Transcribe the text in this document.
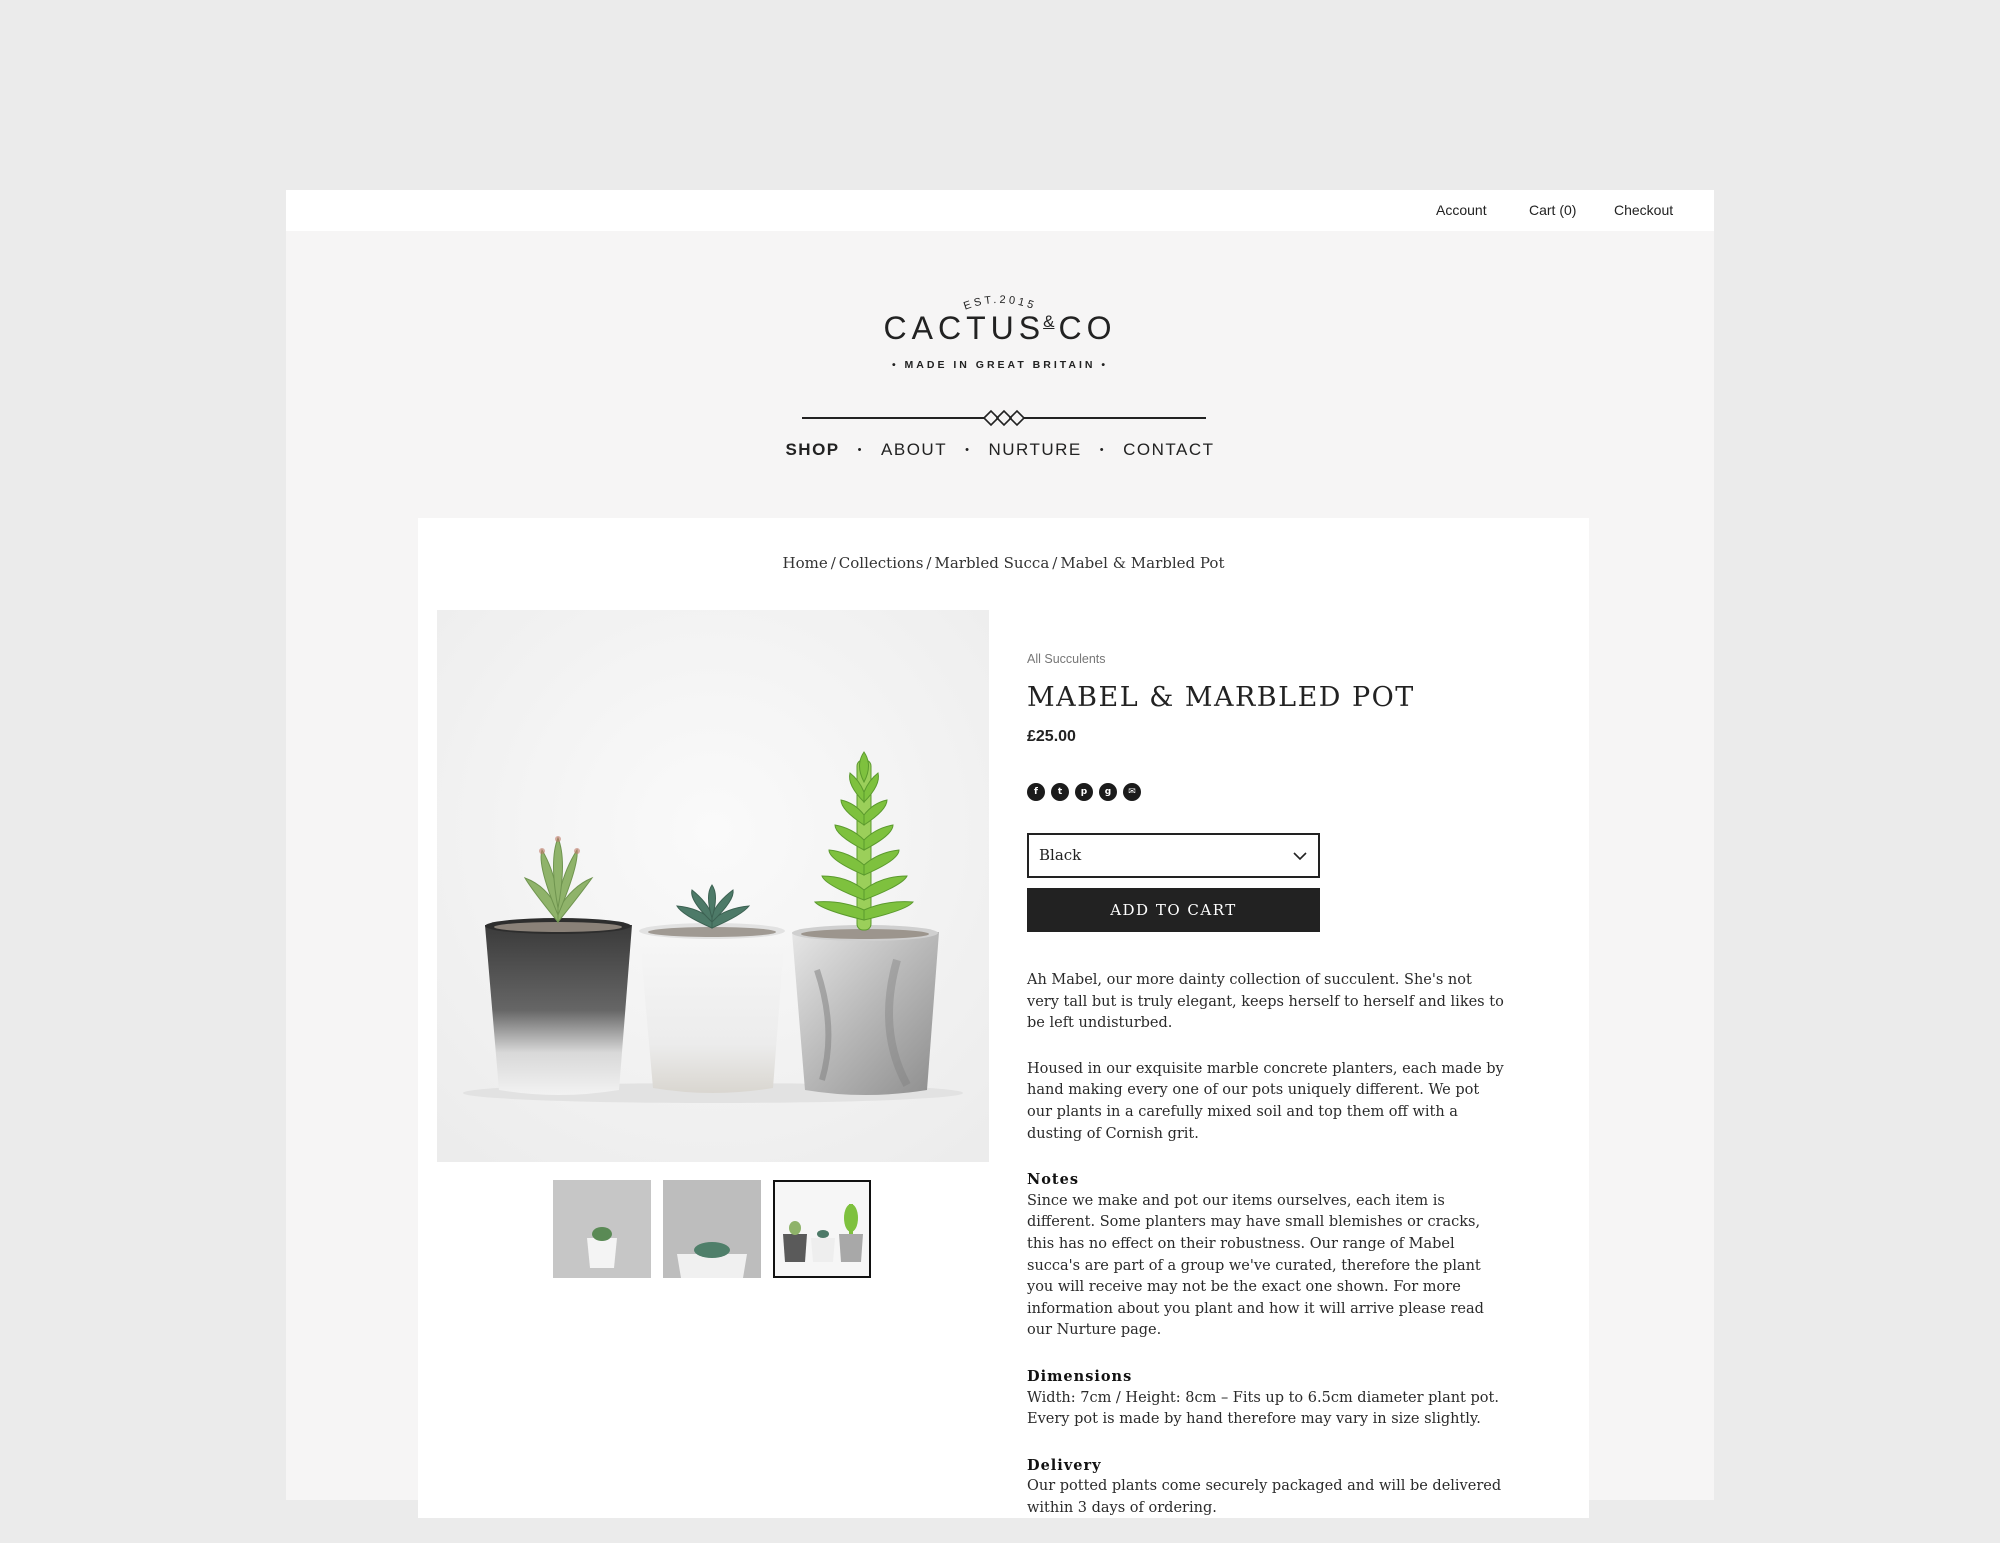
Account	Cart (0)	Checkout
EST.2015
CACTUS& CO
• MADE IN GREAT BRITAIN •
SHOP • ABOUT • NURTURE • CONTACT
Home / Collections / Marbled Succa / Mabel & Marbled Pot
All Succulents
MABEL & MARBLED POT
£25.00
f	t	p	g	✉
Black
ADD TO CART

Ah Mabel, our more dainty collection of succulent. She's not very tall but is truly elegant, keeps herself to herself and likes to be left undisturbed.

Housed in our exquisite marble concrete planters, each made by hand making every one of our pots uniquely different. We pot our plants in a carefully mixed soil and top them off with a dusting of Cornish grit.

Notes

Since we make and pot our items ourselves, each item is different. Some planters may have small blemishes or cracks, this has no effect on their robustness. Our range of Mabel succa's are part of a group we've curated, therefore the plant you will receive may not be the exact one shown. For more information about you plant and how it will arrive please read our Nurture page.

Dimensions

Width: 7cm / Height: 8cm – Fits up to 6.5cm diameter plant pot. Every pot is made by hand therefore may vary in size slightly.

Delivery

Our potted plants come securely packaged and will be delivered within 3 days of ordering.
